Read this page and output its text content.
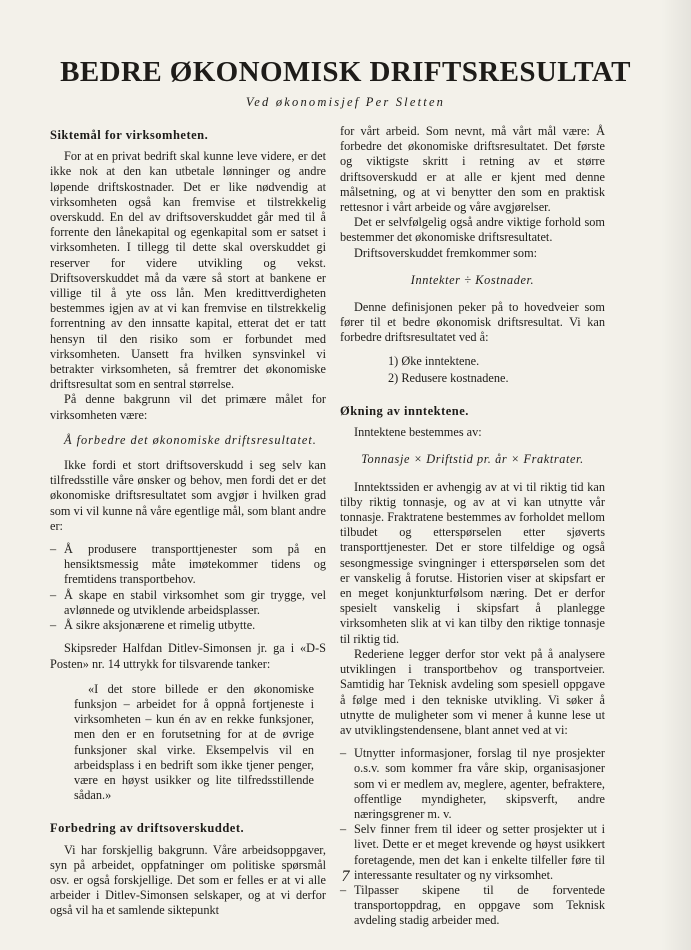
BEDRE ØKONOMISK DRIFTSRESULTAT
Ved økonomisjef Per Sletten
Siktemål for virksomheten.

For at en privat bedrift skal kunne leve videre, er det ikke nok at den kan utbetale lønninger og andre løpende driftskostnader. Det er like nødvendig at virksomheten også kan fremvise et tilstrekkelig overskudd. En del av driftsoverskuddet går med til å forrente den lånekapital og egenkapital som er satset i virksomheten. I tillegg til dette skal overskuddet gi reserver for videre utvikling og vekst. Driftsoverskuddet må da være så stort at bankene er villige til å yte oss lån. Men kredittverdigheten bestemmes igjen av at vi kan fremvise en tilstrekkelig forrentning av den innsatte kapital, etterat det er tatt hensyn til den risiko som er forbundet med virksomheten. Uansett fra hvilken synsvinkel vi betrakter virksomheten, så fremtrer det økonomiske driftsresultat som en sentral størrelse.

På denne bakgrunn vil det primære målet for virksomheten være:

Å forbedre det økonomiske driftsresultatet.

Ikke fordi et stort driftsoverskudd i seg selv kan tilfredsstille våre ønsker og behov, men fordi det er det økonomiske driftsresultatet som avgjør i hvilken grad som vi vil kunne nå våre egentlige mål, som blant andre er:

– Å produsere transporttjenester som på en hensiktsmessig måte imøtekommer tidens og fremtidens transportbehov.
– Å skape en stabil virksomhet som gir trygge, vel avlønnede og utviklende arbeidsplasser.
– Å sikre aksjonærene et rimelig utbytte.

Skipsreder Halfdan Ditlev-Simonsen jr. ga i «D-S Posten» nr. 14 uttrykk for tilsvarende tanker:

«I det store billede er den økonomiske funksjon – arbeidet for å oppnå fortjeneste i virksomheten – kun én av en rekke funksjoner, men den er en forutsetning for at de øvrige funksjoner skal virke. Eksempelvis vil en arbeidsplass i en bedrift som ikke tjener penger, være en høyst usikker og lite tilfredsstillende sådan.»

Forbedring av driftsoverskuddet.

Vi har forskjellig bakgrunn. Våre arbeidsoppgaver, syn på arbeidet, oppfatninger om politiske spørsmål osv. er også forskjellige. Det som er felles er at vi alle arbeider i Ditlev-Simonsen selskaper, og at vi derfor også vil ha et samlende siktepunkt

for vårt arbeid. Som nevnt, må vårt mål være: Å forbedre det økonomiske driftsresultatet. Det første og viktigste skritt i retning av et større driftsoverskudd er at alle er kjent med denne målsetning, og at vi benytter den som en praktisk rettesnor i vårt arbeide og våre avgjørelser.

Det er selvfølgelig også andre viktige forhold som bestemmer det økonomiske driftsresultatet.

Driftsoverskuddet fremkommer som:

Inntekter ÷ Kostnader.

Denne definisjonen peker på to hovedveier som fører til et bedre økonomisk driftsresultat. Vi kan forbedre driftsresultatet ved å:

1) Øke inntektene.
2) Redusere kostnadene.
Økning av inntektene.

Inntektene bestemmes av:

Tonnasje × Driftstid pr. år × Fraktrater.

Inntektssiden er avhengig av at vi til riktig tid kan tilby riktig tonnasje, og av at vi kan utnytte vår tonnasje. Fraktratene bestemmes av forholdet mellom tilbudet og etterspørselen etter sjøverts transporttjenester. Det er store tilfeldige og også sesongmessige svingninger i etterspørselen som det er vanskelig å forutse. Historien viser at skipsfart er en meget konjunkturfølsom næring. Det er derfor spesielt vanskelig i skipsfart å planlegge virksomheten slik at vi kan tilby den riktige tonnasje til riktig tid.

Rederiene legger derfor stor vekt på å analysere utviklingen i transportbehov og transportveier. Samtidig har Teknisk avdeling som spesiell oppgave å følge med i den tekniske utvikling. Vi søker å utnytte de muligheter som vi mener å kunne lese ut av utviklingstendensene, blant annet ved at vi:

– Utnytter informasjoner, forslag til nye prosjekter o.s.v. som kommer fra våre skip, organisasjoner som vi er medlem av, meglere, agenter, befraktere, offentlige myndigheter, skipsverft, andre næringsgrener m. v.
– Selv finner frem til ideer og setter prosjekter ut i livet. Dette er et meget krevende og høyst usikkert foretagende, men det kan i enkelte tilfeller føre til interessante resultater og ny virksomhet.
– Tilpasser skipene til de forventede transportoppdrag, en oppgave som Teknisk avdeling stadig arbeider med.
7
